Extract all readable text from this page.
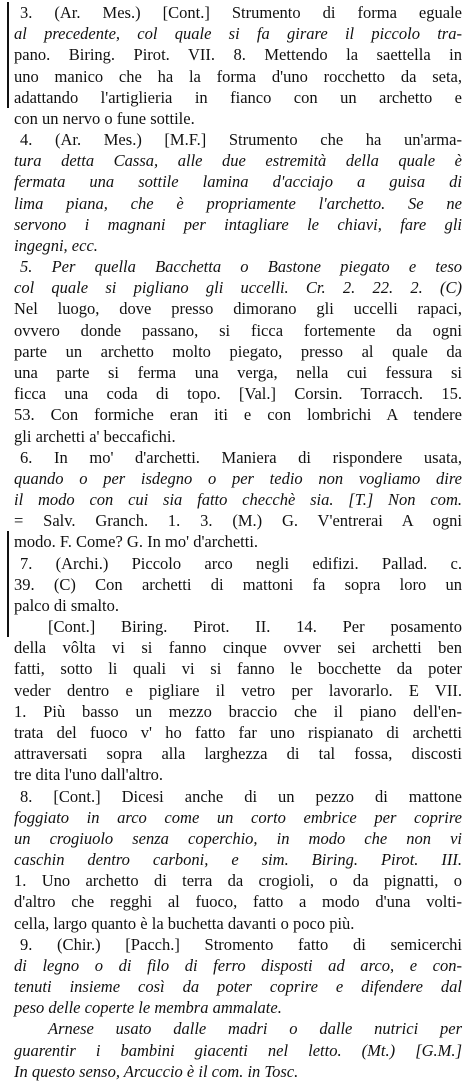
3. (Ar. Mes.) [Cont.] Strumento di forma eguale
al precedente, col quale si fa girare il piccolo tra-
pano. Biring. Pirot. VII. 8. Mettendo la saettella in
uno manico che ha la forma d'uno rocchetto da seta,
adattando l'artiglieria in fianco con un archetto e
con un nervo o fune sottile.
4. (Ar. Mes.) [M.F.] Strumento che ha un'arma-
tura detta Cassa, alle due estremità della quale è
fermata una sottile lamina d'acciajo a guisa di
lima piana, che è propriamente l'archetto. Se ne
servono i magnani per intagliare le chiavi, fare gli
ingegni, ecc.
5. Per quella Bacchetta o Bastone piegato e teso
col quale si pigliano gli uccelli. Cr. 2. 22. 2. (C)
Nel luogo, dove presso dimorano gli uccelli rapaci,
ovvero donde passano, si ficca fortemente da ogni
parte un archetto molto piegato, presso al quale da
una parte si ferma una verga, nella cui fessura si
ficca una coda di topo. [Val.] Corsin. Torracch. 15.
53. Con formiche eran iti e con lombrichi A tendere
gli archetti a' beccafichi.
6. In mo' d'archetti. Maniera di rispondere usata,
quando o per isdegno o per tedio non vogliamo dire
il modo con cui sia fatto checchè sia. [T.] Non com.
= Salv. Granch. 1. 3. (M.) G. V'entrerai A ogni
modo. F. Come? G. In mo' d'archetti.
7. (Archi.) Piccolo arco negli edifizi. Pallad. c.
39. (C) Con archetti di mattoni fa sopra loro un
palco di smalto.
[Cont.] Biring. Pirot. II. 14. Per posamento
della vôlta vi si fanno cinque ovver sei archetti ben
fatti, sotto li quali vi si fanno le bocchette da poter
veder dentro e pigliare il vetro per lavorarlo. E VII.
1. Più basso un mezzo braccio che il piano dell'en-
trata del fuoco v' ho fatto far uno rispianato di archetti
attraversati sopra alla larghezza di tal fossa, discosti
tre dita l'uno dall'altro.
8. [Cont.] Dicesi anche di un pezzo di mattone
foggiato in arco come un corto embrice per coprire
un crogiuolo senza coperchio, in modo che non vi
caschin dentro carboni, e sim. Biring. Pirot. III.
1. Uno archetto di terra da crogioli, o da pignatti, o
d'altro che regghi al fuoco, fatto a modo d'una volti-
cella, largo quanto è la buchetta davanti o poco più.
9. (Chir.) [Pacch.] Stromento fatto di semicerchi
di legno o di filo di ferro disposti ad arco, e con-
tenuti insieme così da poter coprire e difendere dal
peso delle coperte le membra ammalate.
Arnese usato dalle madri o dalle nutrici per
guarentir i bambini giacenti nel letto. (Mt.) [G.M.]
In questo senso, Arcuccio è il com. in Tosc.
